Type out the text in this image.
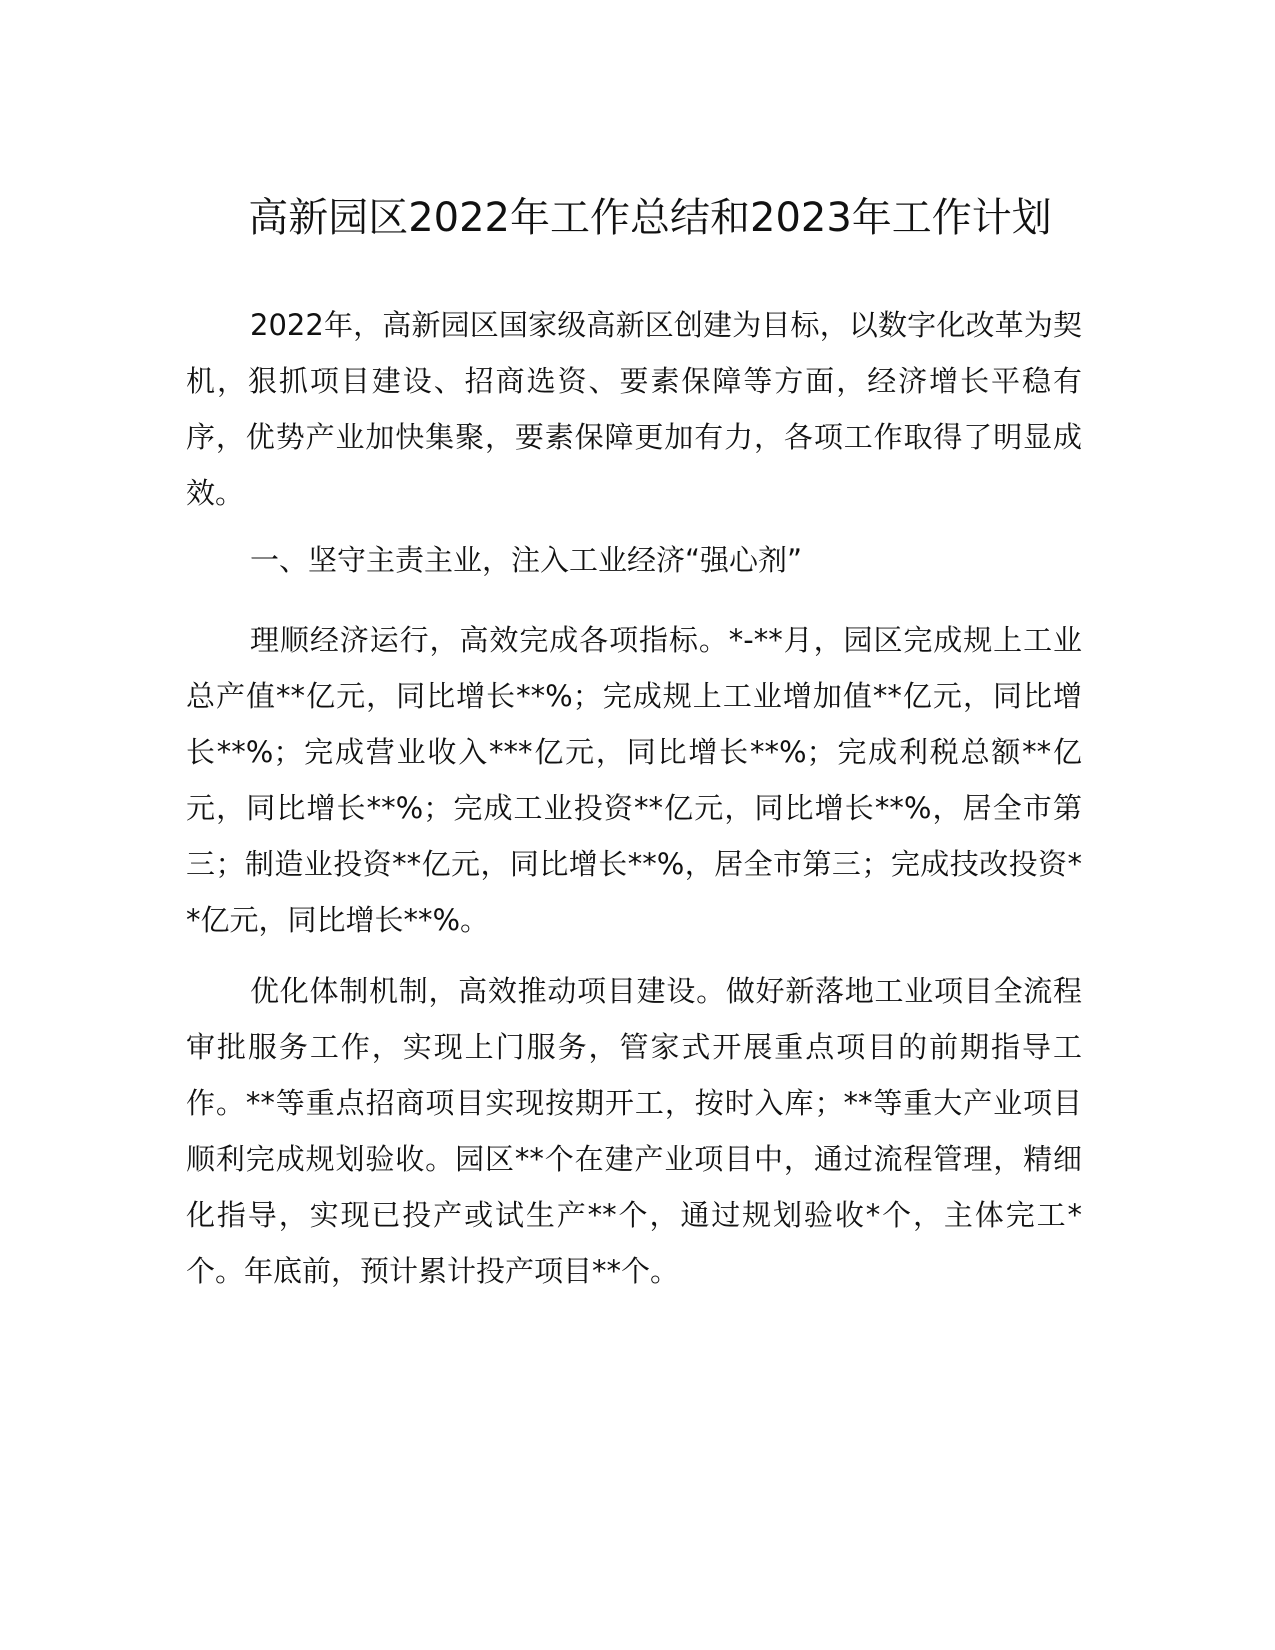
高新园区2022年工作总结和2023年工作计划

2022年，高新园区国家级高新区创建为目标，以数字化改革为契机，狠抓项目建设、招商选资、要素保障等方面，经济增长平稳有序，优势产业加快集聚，要素保障更加有力，各项工作取得了明显成效。

一、坚守主责主业，注入工业经济“强心剂”

理顺经济运行，高效完成各项指标。*-**月，园区完成规上工业总产值**亿元，同比增长**%；完成规上工业增加值**亿元，同比增长**%；完成营业收入***亿元，同比增长**%；完成利税总额**亿元，同比增长**%；完成工业投资**亿元，同比增长**%，居全市第三；制造业投资**亿元，同比增长**%，居全市第三；完成技改投资**亿元，同比增长**%。

优化体制机制，高效推动项目建设。做好新落地工业项目全流程审批服务工作，实现上门服务，管家式开展重点项目的前期指导工作。**等重点招商项目实现按期开工，按时入库；**等重大产业项目顺利完成规划验收。园区**个在建产业项目中，通过流程管理，精细化指导，实现已投产或试生产**个，通过规划验收*个，主体完工*个。年底前，预计累计投产项目**个。
